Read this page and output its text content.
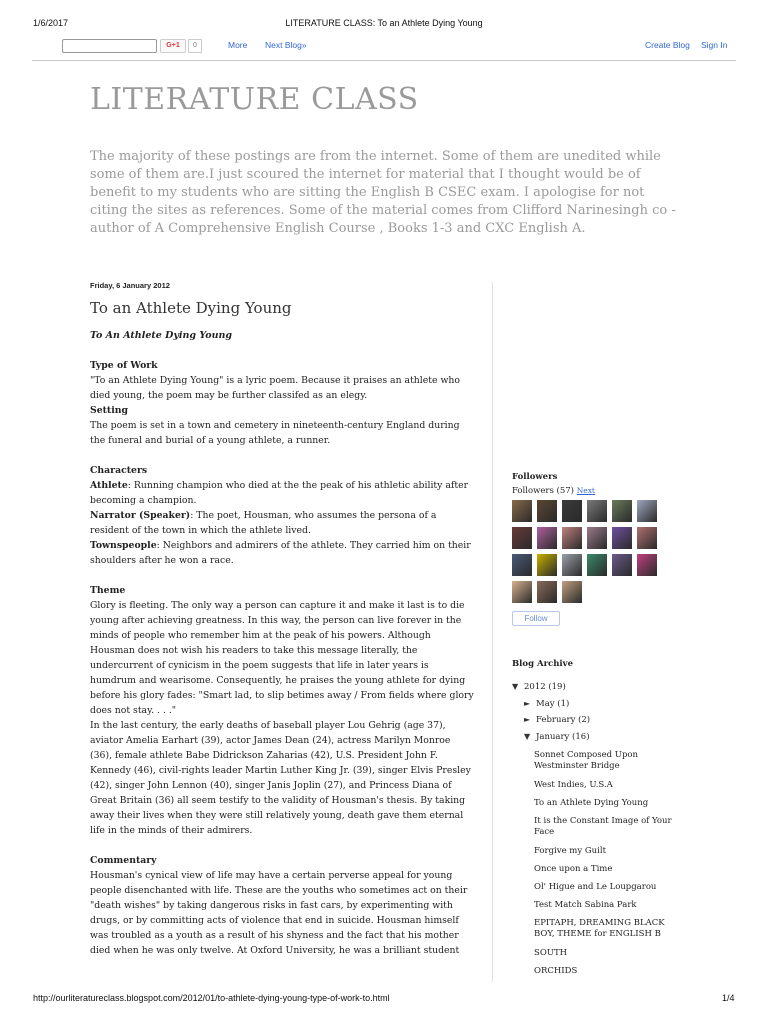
1/6/2017	LITERATURE CLASS: To an Athlete Dying Young
G+1	0	More Next Blog»	Create Blog Sign In
LITERATURE CLASS
The majority of these postings are from the internet. Some of them are unedited while some of them are.I just scoured the internet for material that I thought would be of benefit to my students who are sitting the English B CSEC exam. I apologise for not citing the sites as references. Some of the material comes from Clifford Narinesingh co - author of A Comprehensive English Course , Books 1-3 and CXC English A.
Friday, 6 January 2012
To an Athlete Dying Young
To An Athlete Dying Young
Type of Work

"To an Athlete Dying Young" is a lyric poem. Because it praises an athlete who died young, the poem may be further classifed as an elegy.

Setting

The poem is set in a town and cemetery in nineteenth-century England during the funeral and burial of a young athlete, a runner.

Characters

Athlete: Running champion who died at the the peak of his athletic ability after becoming a champion.

Narrator (Speaker): The poet, Housman, who assumes the persona of a resident of the town in which the athlete lived.

Townspeople: Neighbors and admirers of the athlete. They carried him on their shoulders after he won a race.

Theme

Glory is fleeting. The only way a person can capture it and make it last is to die young after achieving greatness. In this way, the person can live forever in the minds of people who remember him at the peak of his powers. Although Housman does not wish his readers to take this message literally, the undercurrent of cynicism in the poem suggests that life in later years is humdrum and wearisome. Consequently, he praises the young athlete for dying before his glory fades: "Smart lad, to slip betimes away / From fields where glory does not stay. . . ."

In the last century, the early deaths of baseball player Lou Gehrig (age 37), aviator Amelia Earhart (39), actor James Dean (24), actress Marilyn Monroe (36), female athlete Babe Didrickson Zaharias (42), U.S. President John F. Kennedy (46), civil-rights leader Martin Luther King Jr. (39), singer Elvis Presley (42), singer John Lennon (40), singer Janis Joplin (27), and Princess Diana of Great Britain (36) all seem testify to the validity of Housman's thesis. By taking away their lives when they were still relatively young, death gave them eternal life in the minds of their admirers.

Commentary

Housman's cynical view of life may have a certain perverse appeal for young people disenchanted with life. These are the youths who sometimes act on their "death wishes" by taking dangerous risks in fast cars, by experimenting with drugs, or by committing acts of violence that end in suicide. Housman himself was troubled as a youth as a result of his shyness and the fact that his mother died when he was only twelve. At Oxford University, he was a brilliant student

Followers
Followers (57) Next
Follow
Blog Archive
▼ 2012 (19)
► May (1)
► February (2)
▼ January (16)
Sonnet Composed Upon Westminster Bridge
West Indies, U.S.A
To an Athlete Dying Young
It is the Constant Image of Your Face
Forgive my Guilt
Once upon a Time
Ol' Higue and Le Loupgarou
Test Match Sabina Park
EPITAPH, DREAMING BLACK BOY, THEME for ENGLISH B
SOUTH
ORCHIDS
http://ourliteratureclass.blogspot.com/2012/01/to-athlete-dying-young-type-of-work-to.html	1/4
